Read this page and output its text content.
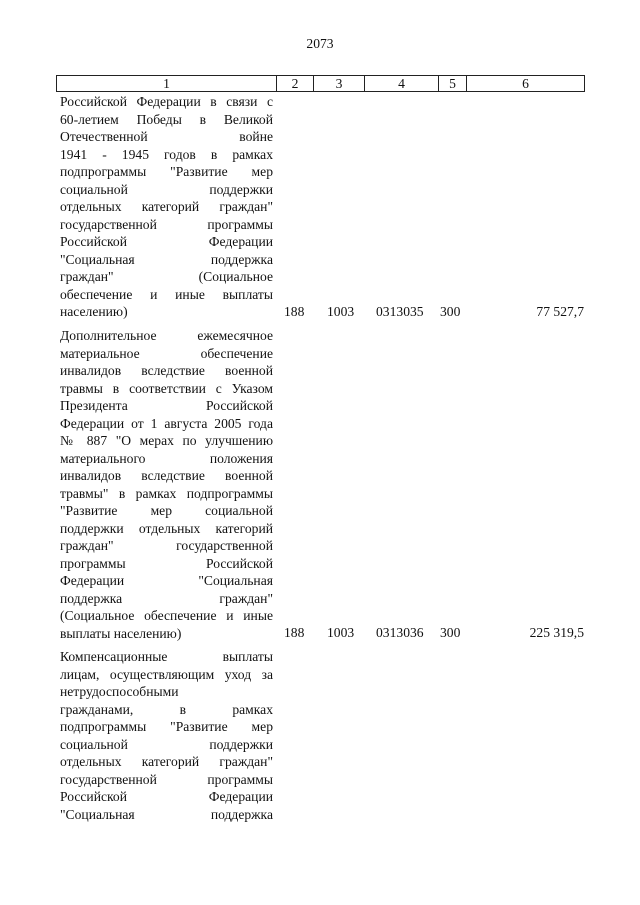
2073
1	2	3	4	5	6
Российской Федерации в связи с
60-летием Победы в Великой
Отечественной войне
1941 - 1945 годов в рамках
подпрограммы "Развитие мер
социальной поддержки
отдельных категорий граждан"
государственной программы
Российской Федерации
"Социальная поддержка
граждан" (Социальное
обеспечение и иные выплаты
населению)	188 1003 0313035 300	77 527,7
Дополнительное ежемесячное
материальное обеспечение
инвалидов вследствие военной
травмы в соответствии с Указом
Президента Российской
Федерации от 1 августа 2005 года
№ 887 "О мерах по улучшению
материального положения
инвалидов вследствие военной
травмы" в рамках подпрограммы
"Развитие мер социальной
поддержки отдельных категорий
граждан" государственной
программы Российской
Федерации "Социальная
поддержка граждан"
(Социальное обеспечение и иные
выплаты населению)	188 1003 0313036 300	225 319,5
Компенсационные выплаты
лицам, осуществляющим уход за
нетрудоспособными
гражданами, в рамках
подпрограммы "Развитие мер
социальной поддержки
отдельных категорий граждан"
государственной программы
Российской Федерации
"Социальная поддержка
